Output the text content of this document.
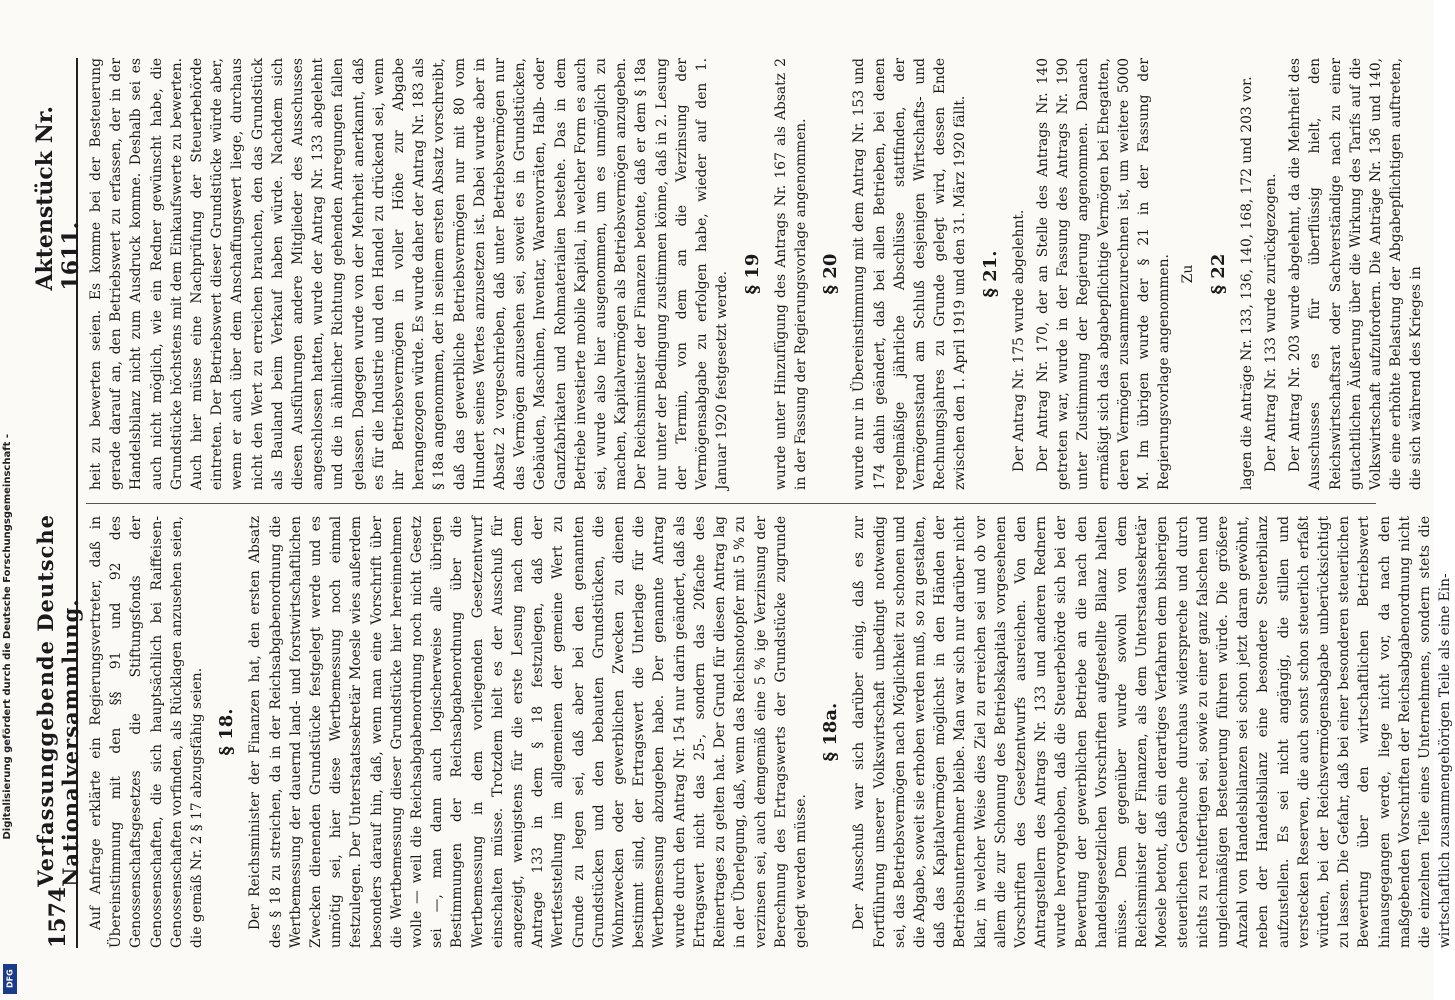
1574
Verfassunggebende Deutsche Nationalversammlung.
Aktenstück Nr. 1611.

Auf Anfrage erklärte ein Regierungsvertreter, daß in Übereinstimmung mit den §§ 91 und 92 des Genossenschaftsgesetzes die Stiftungsfonds der Genossenschaften, die sich hauptsächlich bei Raiffeisen-Genossenschaften vorfinden, als Rücklagen anzusehen seien, die gemäß Nr. 2 § 17 abzugsfähig seien. § 18. Der Reichsminister der Finanzen hat, den ersten Absatz des § 18 zu streichen, da in der Reichsabgabenordnung die Wertbemessung der dauernd land- und forstwirtschaftlichen Zwecken dienenden Grundstücke festgelegt werde und es unnötig sei, hier diese Wertbemessung noch einmal festzulegen. Der Unterstaatssekretär Moesle wies außerdem besonders darauf hin, daß, wenn man eine Vorschrift über die Wertbemessung dieser Grundstücke hier hereinnehmen wolle — weil die Reichsabgabenordnung noch nicht Gesetz sei —, man dann auch logischerweise alle übrigen Bestimmungen der Reichsabgabenordnung über die Wertbemessung in dem vorliegenden Gesetzentwurf einschalten müsse. Trotzdem hielt es der Ausschuß für angezeigt, wenigstens für die erste Lesung nach dem Antrage 133 in dem § 18 festzulegen, daß der Wertfeststellung im allgemeinen der gemeine Wert zu Grunde zu legen sei, daß aber bei den genannten Grundstücken und den bebauten Grundstücken, die Wohnzwecken oder gewerblichen Zwecken zu dienen bestimmt sind, der Ertragswert die Unterlage für die Wertbemessung abzugeben habe. Der genannte Antrag wurde durch den Antrag Nr. 154 nur darin geändert, daß als Ertragswert nicht das 25-, sondern das 20fache des Reinertrages zu gelten hat. Der Grund für diesen Antrag lag in der Überlegung, daß, wenn das Reichsnotopfer mit 5 % zu verzinsen sei, auch demgemäß eine 5 % ige Verzinsung der Berechnung des Ertragswerts der Grundstücke zugrunde gelegt werden müsse.

§ 18a. Der Ausschuß war sich darüber einig, daß es zur Fortführung unserer Volkswirtschaft unbedingt notwendig sei, das Betriebsvermögen nach Möglichkeit zu schonen und die Abgabe, soweit sie erhoben werden muß, so zu gestalten, daß das Kapitalvermögen möglichst in den Händen der Betriebsunternehmer bleibe. Man war sich nur darüber nicht klar, in welcher Weise dies Ziel zu erreichen sei und ob vor allem die zur Schonung des Betriebskapitals vorgesehenen Vorschriften des Gesetzentwurfs ausreichen. Von den Antragstellern des Antrags Nr. 133 und anderen Rednern wurde hervorgehoben, daß die Steuerbehörde sich bei der Bewertung der gewerblichen Betriebe an die nach den handelsgesetzlichen Vorschriften aufgestellte Bilanz halten müsse. Dem gegenüber wurde sowohl von dem Reichsminister der Finanzen, als dem Unterstaatssekretär Moesle betont, daß ein derartiges Verfahren dem bisherigen steuerlichen Gebrauche durchaus widerspreche und durch nichts zu rechtfertigen sei, sowie zu einer ganz falschen und ungleichmäßigen Besteuerung führen würde. Die größere Anzahl von Handelsbilanzen sei schon jetzt daran gewöhnt, neben der Handelsbilanz eine besondere Steuerbilanz aufzustellen. Es sei nicht angängig, die stillen und verstecken Reserven, die auch sonst schon steuerlich erfaßt würden, bei der Reichsvermögensabgabe unberücksichtigt zu lassen. Die Gefahr, daß bei einer besonderen steuerlichen Bewertung über den wirtschaftlichen Betriebswert hinausgegangen werde, liege nicht vor, da nach den maßgebenden Vorschriften der Reichsabgabenordnung nicht die einzelnen Teile eines Unternehmens, sondern stets die wirtschaftlich zusammengehörigen Teile als eine Ein-

heit zu bewerten seien. Es komme bei der Besteuerung gerade darauf an, den Betriebswert zu erfassen, der in der Handelsbilanz nicht zum Ausdruck komme. Deshalb sei es auch nicht möglich, wie ein Redner gewünscht habe, die Grundstücke höchstens mit dem Einkaufswerte zu bewerten. Auch hier müsse eine Nachprüfung der Steuerbehörde eintreten. Der Betriebswert dieser Grundstücke würde aber, wenn er auch über dem Anschaffungswert liege, durchaus nicht den Wert zu erreichen brauchen, den das Grundstück als Bauland beim Verkauf haben würde. Nachdem sich diesen Ausführungen andere Mitglieder des Ausschusses angeschlossen hatten, wurde der Antrag Nr. 133 abgelehnt und die in ähnlicher Richtung gehenden Anregungen fallen gelassen. Dagegen wurde von der Mehrheit anerkannt, daß es für die Industrie und den Handel zu drückend sei, wenn ihr Betriebsvermögen in voller Höhe zur Abgabe herangezogen würde. Es wurde daher der Antrag Nr. 183 als § 18a angenommen, der in seinem ersten Absatz vorschreibt, daß das gewerbliche Betriebsvermögen nur mit 80 vom Hundert seines Wertes anzusetzen ist. Dabei wurde aber in Absatz 2 vorgeschrieben, daß unter Betriebsvermögen nur das Vermögen anzusehen sei, soweit es in Grundstücken, Gebäuden, Maschinen, Inventar, Warenvorräten, Halb- oder Ganzfabrikaten und Rohmaterialien bestehe. Das in dem Betriebe investierte mobile Kapital, in welcher Form es auch sei, wurde also hier ausgenommen, um es unmöglich zu machen, Kapitalvermögen als Betriebsvermögen anzugeben. Der Reichsminister der Finanzen betonte, daß er dem § 18a nur unter der Bedingung zustimmen könne, daß in 2. Lesung der Termin, von dem an die Verzinsung der Vermögensabgabe zu erfolgen habe, wieder auf den 1. Januar 1920 festgesetzt werde. § 19 wurde unter Hinzufügung des Antrags Nr. 167 als Absatz 2 in der Fassung der Regierungsvorlage angenommen. § 20 wurde nur in Übereinstimmung mit dem Antrag Nr. 153 und 174 dahin geändert, daß bei allen Betrieben, bei denen regelmäßige jährliche Abschlüsse stattfinden, der Vermögensstand am Schluß desjenigen Wirtschafts- und Rechnungsjahres zu Grunde gelegt wird, dessen Ende zwischen den 1. April 1919 und den 31. März 1920 fällt. § 21. Der Antrag Nr. 175 wurde abgelehnt. Der Antrag Nr. 170, der an Stelle des Antrags Nr. 140 getreten war, wurde in der Fassung des Antrags Nr. 190 unter Zustimmung der Regierung angenommen. Danach ermäßigt sich das abgabepflichtige Vermögen bei Ehegatten, deren Vermögen zusammenzurechnen ist, um weitere 5000 M. Im übrigen wurde der § 21 in der Fassung der Regierungsvorlage angenommen. Zu § 22 lagen die Anträge Nr. 133, 136, 140, 168, 172 und 203 vor. Der Antrag Nr. 133 wurde zurückgezogen. Der Antrag Nr. 203 wurde abgelehnt, da die Mehrheit des Ausschusses es für überflüssig hielt, den Reichswirtschaftsrat oder Sachverständige nach zu einer gutachtlichen Äußerung über die Wirkung des Tarifs auf die Volkswirtschaft aufzufordern. Die Anträge Nr. 136 und 140, die eine erhöhte Belastung der Abgabepflichtigen auftreten, die sich während des Krieges in

Digitalisierung gefördert durch die Deutsche Forschungsgemeinschaft -
DFG
